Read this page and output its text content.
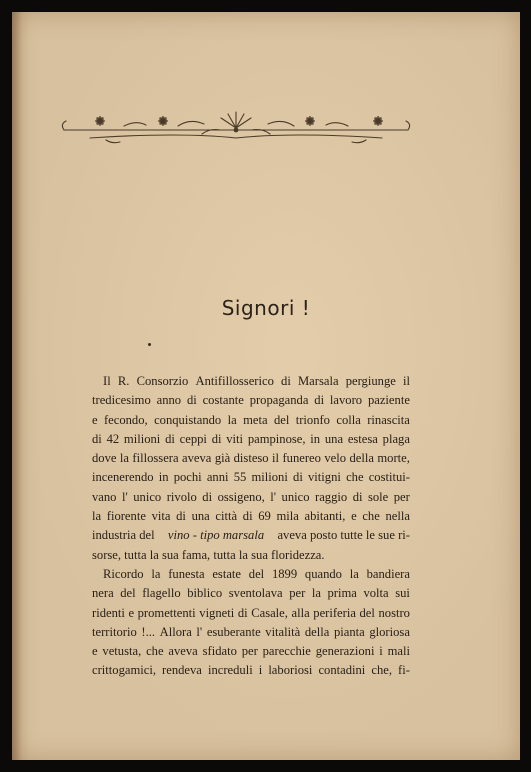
Signori !
Il R. Consorzio Antifillosserico di Marsala pergiunge il
tredicesimo anno di costante propaganda di lavoro paziente
e fecondo, conquistando la meta del trionfo colla rinascita
di 42 milioni di ceppi di viti pampinose, in una estesa plaga
dove la fillossera aveva già disteso il funereo velo della morte,
incenerendo in pochi anni 55 milioni di vitigni che costitui-
vano l' unico rivolo di ossigeno, l' unico raggio di sole per
la fiorente vita di una città di 69 mila abitanti, e che nella
industria del vino - tipo marsala aveva posto tutte le sue ri-
sorse, tutta la sua fama, tutta la sua floridezza.
Ricordo la funesta estate del 1899 quando la bandiera
nera del flagello biblico sventolava per la prima volta sui
ridenti e promettenti vigneti di Casale, alla periferia del nostro
territorio !... Allora l' esuberante vitalità della pianta gloriosa
e vetusta, che aveva sfidato per parecchie generazioni i mali
crittogamici, rendeva increduli i laboriosi contadini che, fi-
